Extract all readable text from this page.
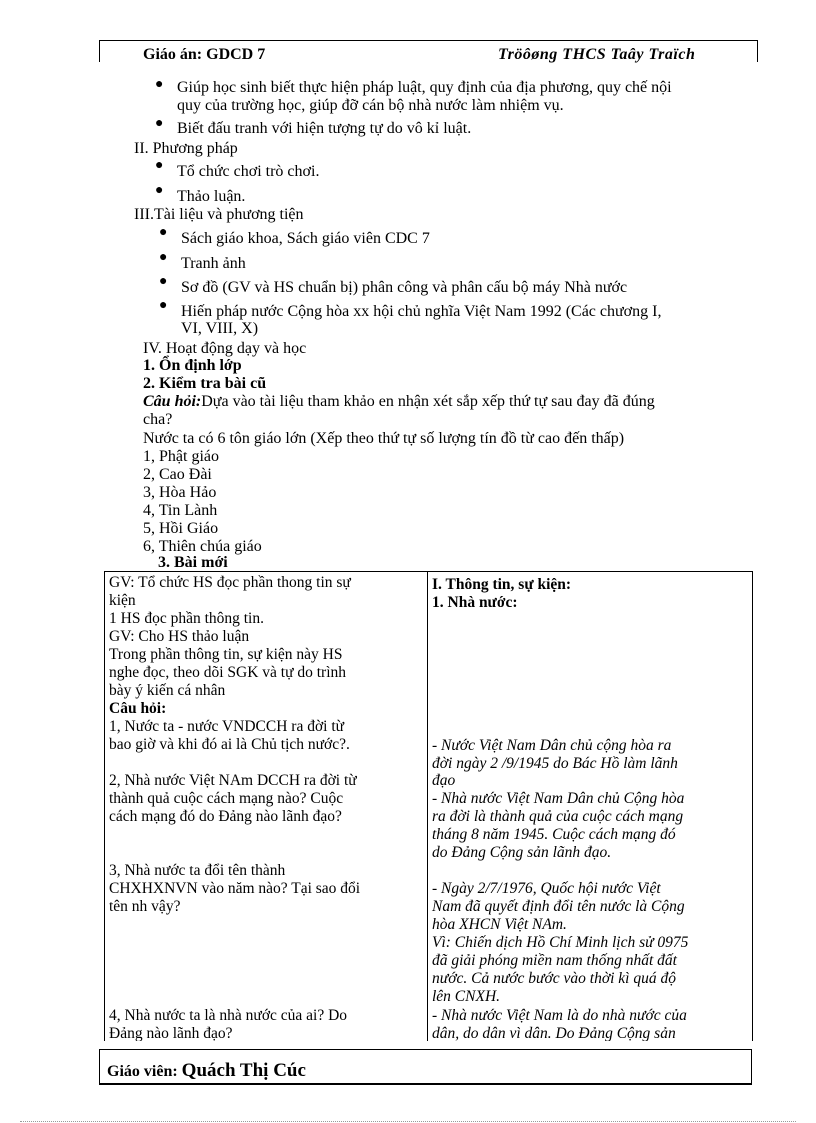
Giáo án: GDCD 7	Tröôøng THCS Taây Traïch
● Giúp học sinh biết thực hiện pháp luật, quy định của địa phương, quy chế nội
quy của trường học, giúp đỡ cán bộ nhà nước làm nhiệm vụ.
● Biết đấu tranh với hiện tượng tự do vô kỉ luật.
II. Phương pháp
● Tổ chức chơi trò chơi.
● Thảo luận.
III.Tài liệu và phương tiện
● Sách giáo khoa, Sách giáo viên CDC 7
● Tranh ảnh
● Sơ đồ (GV và HS chuẩn bị) phân công và phân cấu bộ máy Nhà nước
● Hiến pháp nước Cộng hòa xx hội chủ nghĩa Việt Nam 1992 (Các chương I,
VI, VIII, X)
IV. Hoạt động dạy và học
1. Ổn định lớp
2. Kiểm tra bài cũ
Câu hỏi:Dựa vào tài liệu tham khảo en nhận xét sắp xếp thứ tự sau đay đã đúng
cha?
Nước ta có 6 tôn giáo lớn (Xếp theo thứ tự số lượng tín đồ từ cao đến thấp)
1, Phật giáo
2, Cao Đài
3, Hòa Hảo
4, Tin Lành
5, Hồi Giáo
6, Thiên chúa giáo
3. Bài mới
GV: Tổ chức HS đọc phần thong tin sự
kiện
1 HS đọc phần thông tin.
GV: Cho HS thảo luận
Trong phần thông tin, sự kiện này HS
nghe đọc, theo dõi SGK và tự do trình
bày ý kiến cá nhân
Câu hỏi:
1, Nước ta - nước VNDCCH ra đời từ
bao giờ và khi đó ai là Chủ tịch nước?.
2, Nhà nước Việt NAm DCCH ra đời từ
thành quả cuộc cách mạng nào? Cuộc
cách mạng đó do Đảng nào lãnh đạo?
3, Nhà nước ta đổi tên thành
CHXHXNVN vào năm nào? Tại sao đổi
tên nh vậy?
4, Nhà nước ta là nhà nước của ai? Do
Đảng nào lãnh đạo?
I. Thông tin, sự kiện:
1. Nhà nước:
- Nước Việt Nam Dân chủ cộng hòa ra
đời ngày 2 /9/1945 do Bác Hồ làm lãnh
đạo
- Nhà nước Việt Nam Dân chủ Cộng hòa
ra đời là thành quả của cuộc cách mạng
tháng 8 năm 1945. Cuộc cách mạng đó
do Đảng Cộng sản lãnh đạo.
- Ngày 2/7/1976, Quốc hội nước Việt
Nam đã quyết định đổi tên nước là Cộng
hòa XHCN Việt NAm.
Vì: Chiến dịch Hồ Chí Minh lịch sử 0975
đã giải phóng miền nam thống nhất đất
nước. Cả nước bước vào thời kì quá độ
lên CNXH.
- Nhà nước Việt Nam là do nhà nước của
dân, do dân vì dân. Do Đảng Cộng sản
Giáo viên: Quách Thị Cúc
